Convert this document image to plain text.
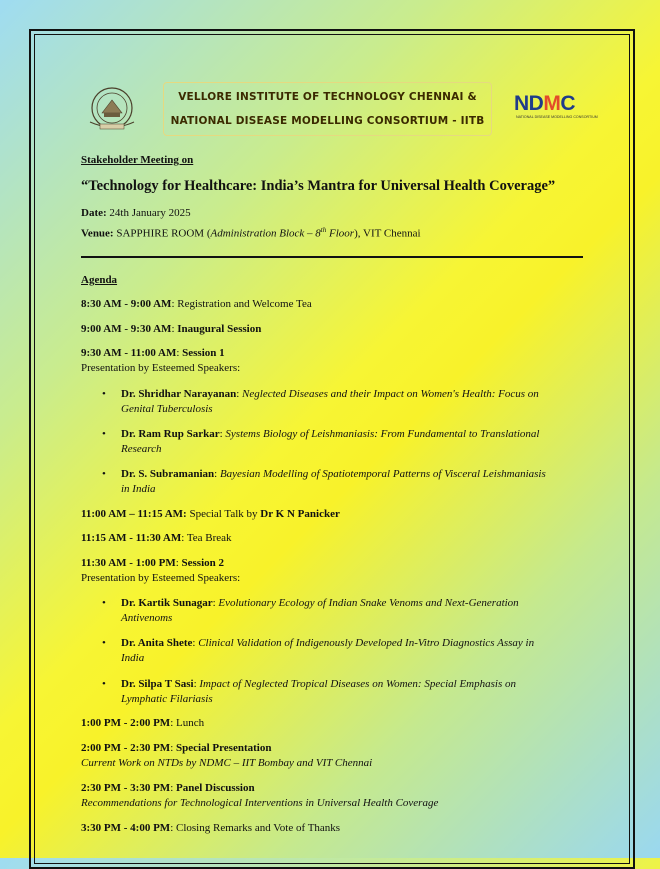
VELLORE INSTITUTE OF TECHNOLOGY CHENNAI &
NATIONAL DISEASE MODELLING CONSORTIUM - IITB
NDMC
NATIONAL DISEASE MODELLING CONSORTIUM
Stakeholder Meeting on
“Technology for Healthcare: India’s Mantra for Universal Health Coverage”
Date: 24th January 2025
Venue: SAPPHIRE ROOM (Administration Block – 8th Floor), VIT Chennai
Agenda
8:30 AM - 9:00 AM: Registration and Welcome Tea
9:00 AM - 9:30 AM: Inaugural Session
9:30 AM - 11:00 AM: Session 1
Presentation by Esteemed Speakers:
• Dr. Shridhar Narayanan: Neglected Diseases and their Impact on Women's Health: Focus on
Genital Tuberculosis
• Dr. Ram Rup Sarkar: Systems Biology of Leishmaniasis: From Fundamental to Translational
Research
• Dr. S. Subramanian: Bayesian Modelling of Spatiotemporal Patterns of Visceral Leishmaniasis
in India
11:00 AM – 11:15 AM: Special Talk by Dr K N Panicker
11:15 AM - 11:30 AM: Tea Break
11:30 AM - 1:00 PM: Session 2
Presentation by Esteemed Speakers:
• Dr. Kartik Sunagar: Evolutionary Ecology of Indian Snake Venoms and Next-Generation
Antivenoms
• Dr. Anita Shete: Clinical Validation of Indigenously Developed In-Vitro Diagnostics Assay in
India
• Dr. Silpa T Sasi: Impact of Neglected Tropical Diseases on Women: Special Emphasis on
Lymphatic Filariasis
1:00 PM - 2:00 PM: Lunch
2:00 PM - 2:30 PM: Special Presentation
Current Work on NTDs by NDMC – IIT Bombay and VIT Chennai
2:30 PM - 3:30 PM: Panel Discussion
Recommendations for Technological Interventions in Universal Health Coverage
3:30 PM - 4:00 PM: Closing Remarks and Vote of Thanks
